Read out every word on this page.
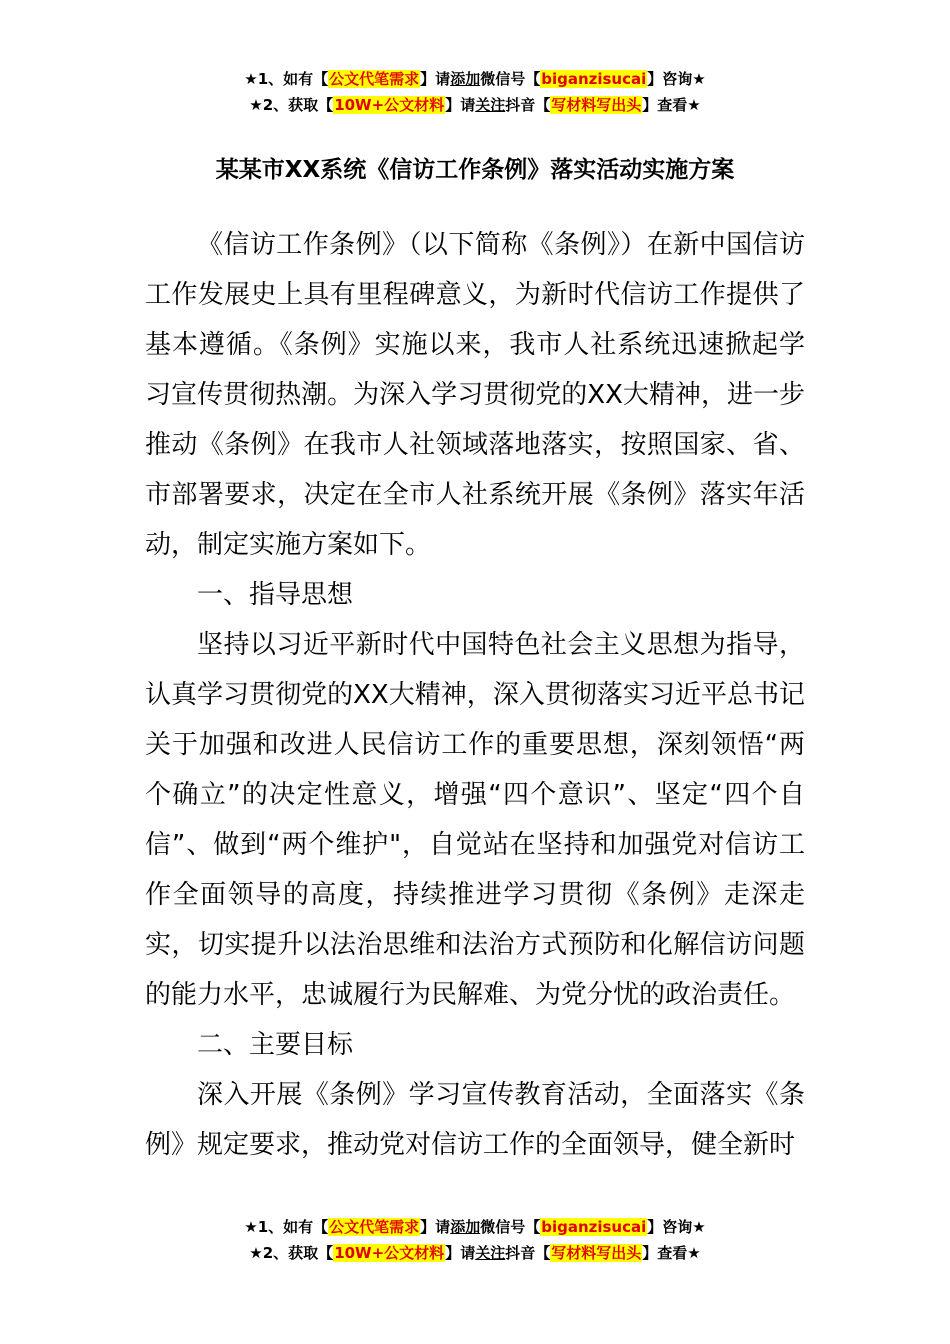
★1、如有【公文代笔需求】请添加微信号【biganzisucai】咨询★
★2、获取【10W+公文材料】请关注抖音【写材料写出头】查看★
某某市XX系统《信访工作条例》落实活动实施方案

《信访工作条例》（以下简称《条例》）在新中国信访工作发展史上具有里程碑意义，为新时代信访工作提供了基本遵循。《条例》实施以来，我市人社系统迅速掀起学习宣传贯彻热潮。为深入学习贯彻党的XX大精神，进一步推动《条例》在我市人社领域落地落实，按照国家、省、市部署要求，决定在全市人社系统开展《条例》落实年活动，制定实施方案如下。

一、指导思想

坚持以习近平新时代中国特色社会主义思想为指导，认真学习贯彻党的XX大精神，深入贯彻落实习近平总书记关于加强和改进人民信访工作的重要思想，深刻领悟“两个确立”的决定性意义，增强“四个意识”、坚定“四个自信”、做到“两个维护"，自觉站在坚持和加强党对信访工作全面领导的高度，持续推进学习贯彻《条例》走深走实，切实提升以法治思维和法治方式预防和化解信访问题的能力水平，忠诚履行为民解难、为党分忧的政治责任。

二、主要目标

深入开展《条例》学习宣传教育活动，全面落实《条例》规定要求，推动党对信访工作的全面领导，健全新时

★1、如有【公文代笔需求】请添加微信号【biganzisucai】咨询★
★2、获取【10W+公文材料】请关注抖音【写材料写出头】查看★
